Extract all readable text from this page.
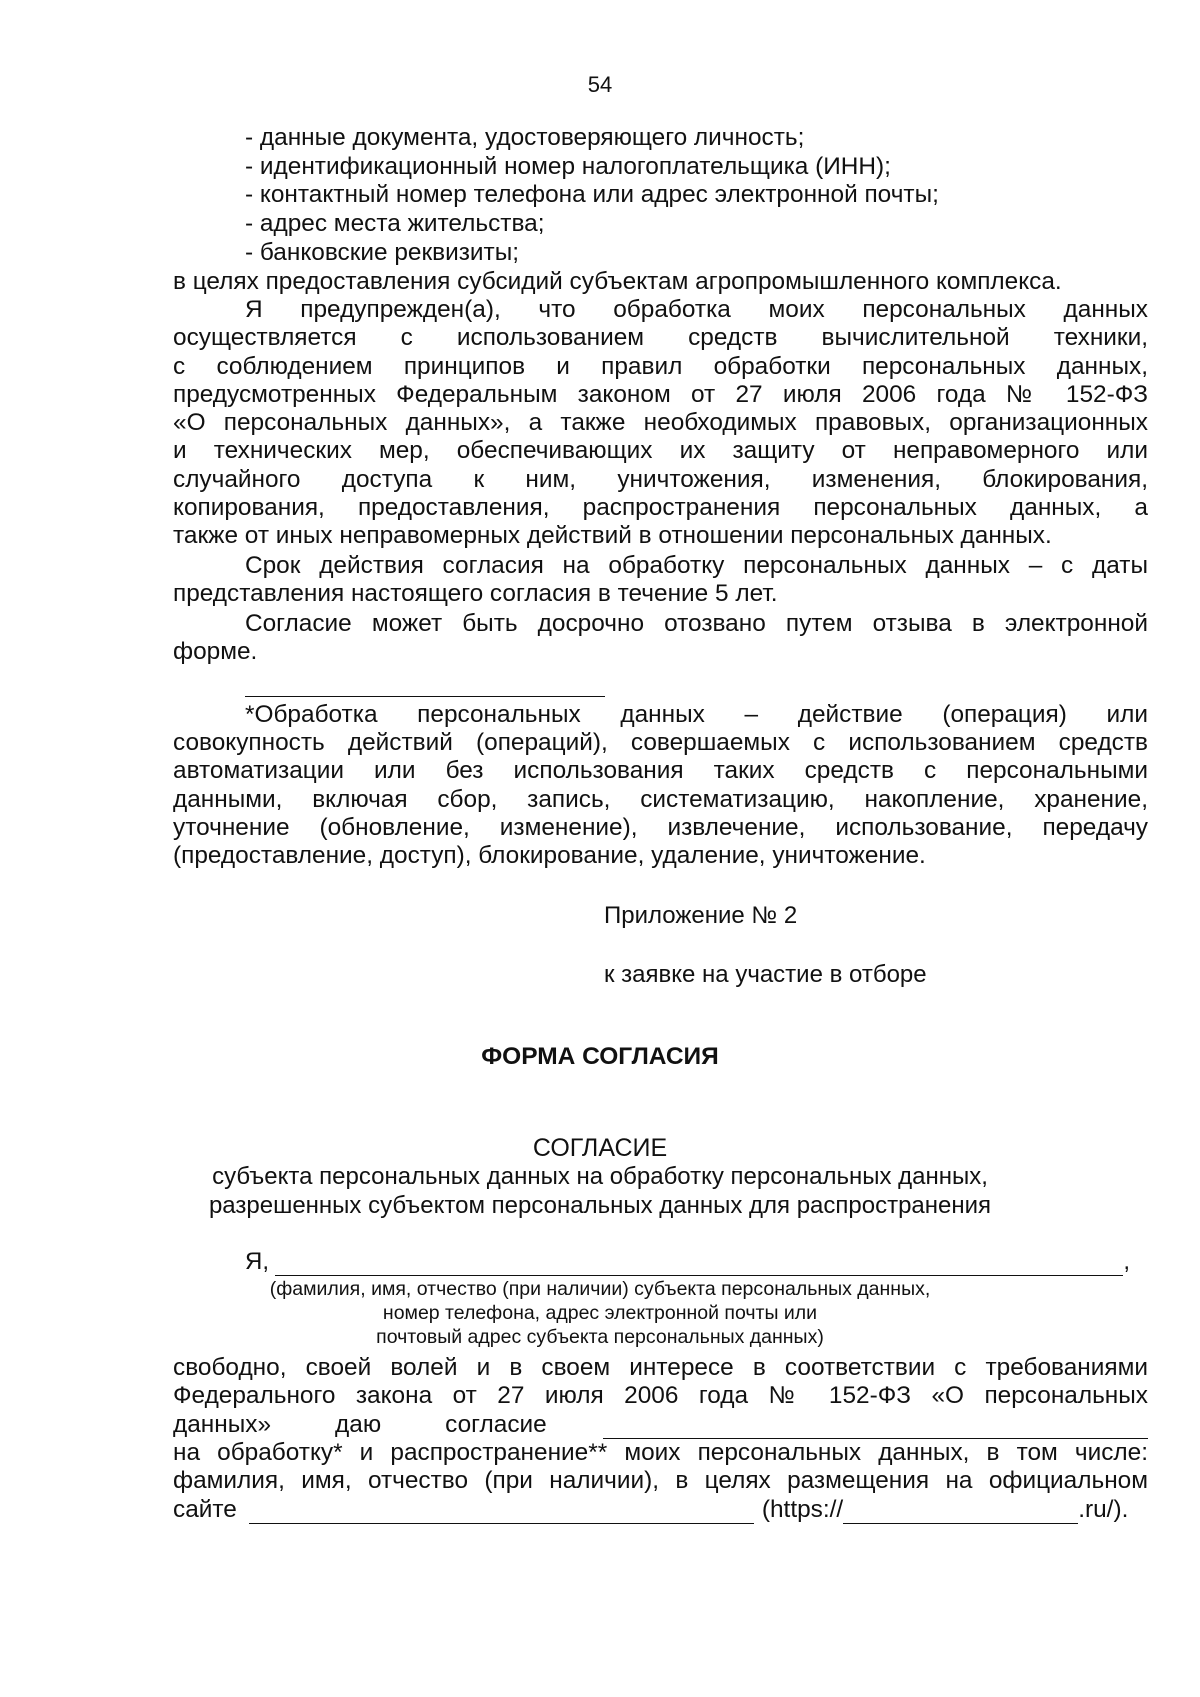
54
- данные документа, удостоверяющего личность;
- идентификационный номер налогоплательщика (ИНН);
- контактный номер телефона или адрес электронной почты;
- адрес места жительства;
- банковские реквизиты;
в целях предоставления субсидий субъектам агропромышленного комплекса.
Я предупрежден(а), что обработка моих персональных данных
осуществляется с использованием средств вычислительной техники,
с соблюдением принципов и правил обработки персональных данных,
предусмотренных Федеральным законом от 27 июля 2006 года № 152-ФЗ
«О персональных данных», а также необходимых правовых, организационных
и технических мер, обеспечивающих их защиту от неправомерного или
случайного доступа к ним, уничтожения, изменения, блокирования,
копирования, предоставления, распространения персональных данных, а
также от иных неправомерных действий в отношении персональных данных.
Срок действия согласия на обработку персональных данных – с даты
представления настоящего согласия в течение 5 лет.
Согласие может быть досрочно отозвано путем отзыва в электронной
форме.
*Обработка персональных данных – действие (операция) или
совокупность действий (операций), совершаемых с использованием средств
автоматизации или без использования таких средств с персональными
данными, включая сбор, запись, систематизацию, накопление, хранение,
уточнение (обновление, изменение), извлечение, использование, передачу
(предоставление, доступ), блокирование, удаление, уничтожение.
Приложение № 2
к заявке на участие в отборе
ФОРМА СОГЛАСИЯ
СОГЛАСИЕ
субъекта персональных данных на обработку персональных данных,
разрешенных субъектом персональных данных для распространения
Я,	,
(фамилия, имя, отчество (при наличии) субъекта персональных данных,
номер телефона, адрес электронной почты или
почтовый адрес субъекта персональных данных)
свободно, своей волей и в своем интересе в соответствии с требованиями
Федерального закона от 27 июля 2006 года № 152-ФЗ «О персональных
данных»	даю	согласие
на обработку* и распространение** моих персональных данных, в том числе:
фамилия, имя, отчество (при наличии), в целях размещения на официальном
сайте	(https://	.ru/).
